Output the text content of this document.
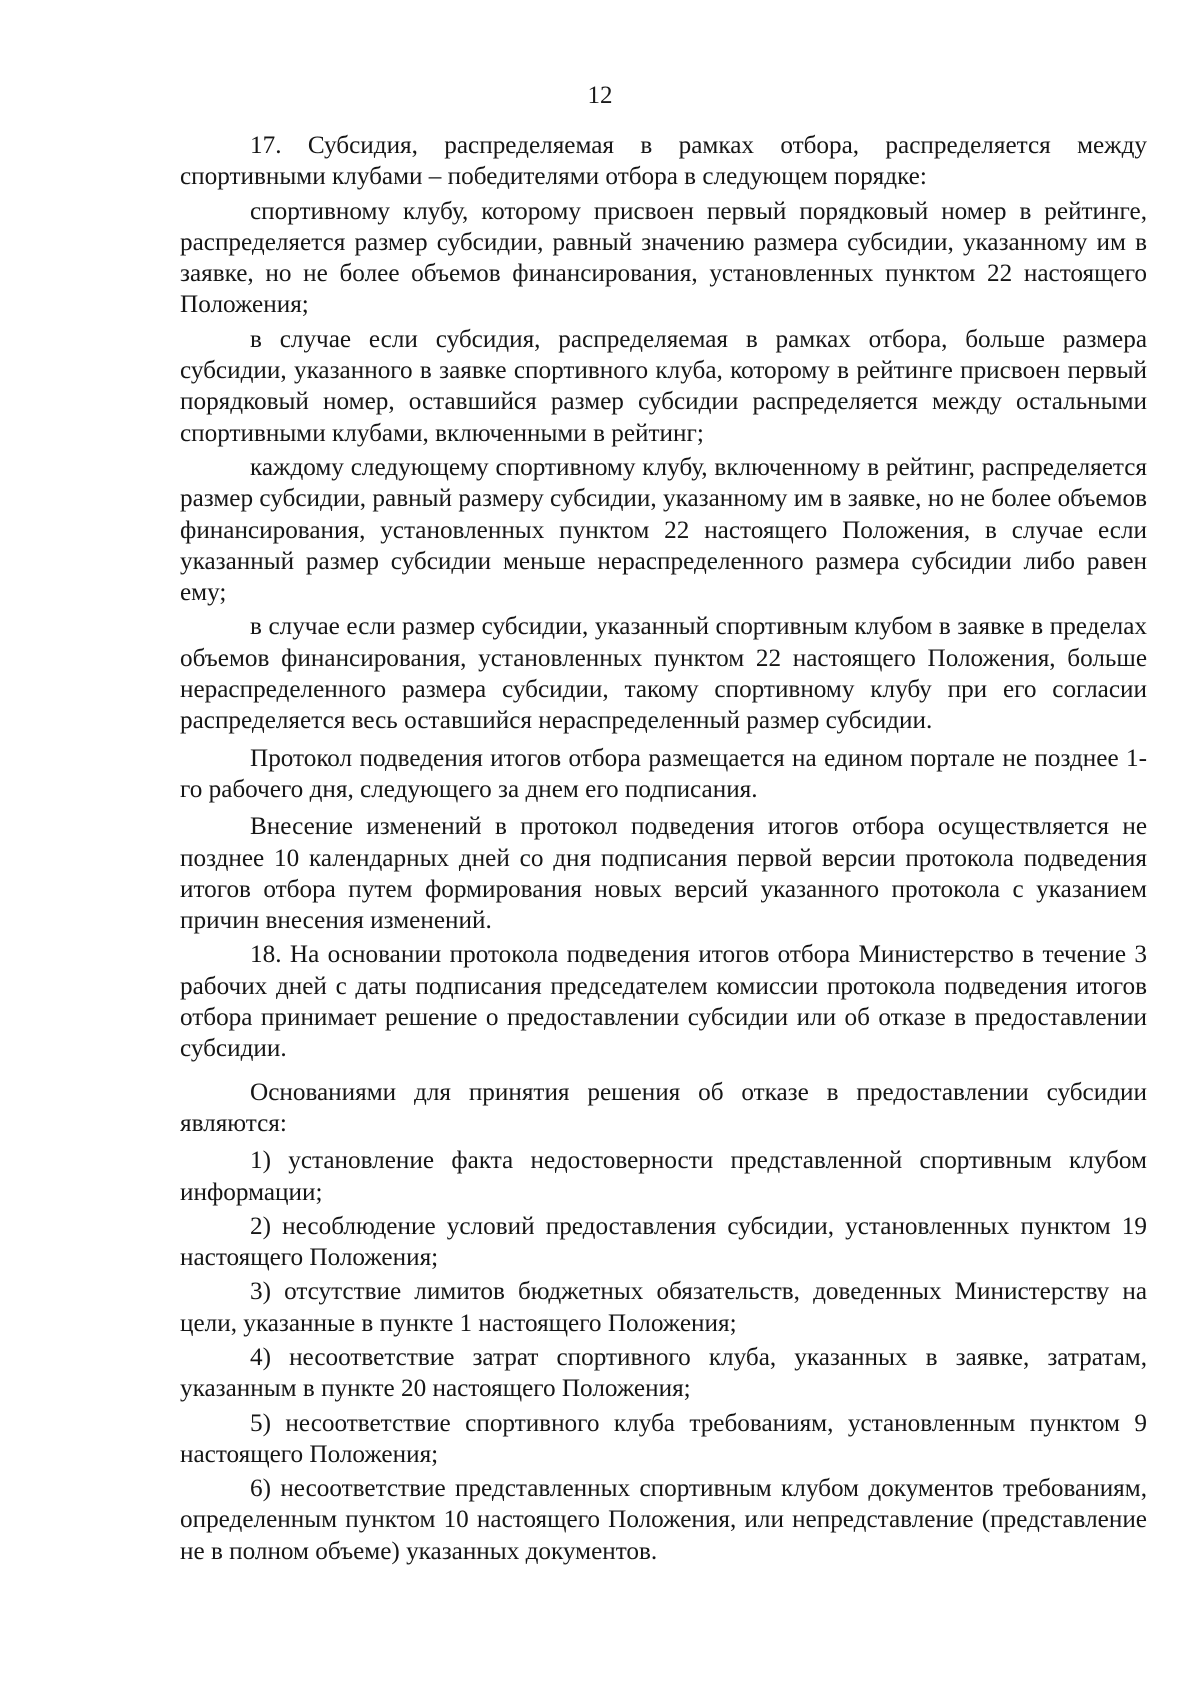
12

17. Субсидия, распределяемая в рамках отбора, распределяется между спортивными клубами – победителями отбора в следующем порядке:

спортивному клубу, которому присвоен первый порядковый номер в рейтинге, распределяется размер субсидии, равный значению размера субсидии, указанному им в заявке, но не более объемов финансирования, установленных пунктом 22 настоящего Положения;

в случае если субсидия, распределяемая в рамках отбора, больше размера субсидии, указанного в заявке спортивного клуба, которому в рейтинге присвоен первый порядковый номер, оставшийся размер субсидии распределяется между остальными спортивными клубами, включенными в рейтинг;

каждому следующему спортивному клубу, включенному в рейтинг, распределяется размер субсидии, равный размеру субсидии, указанному им в заявке, но не более объемов финансирования, установленных пунктом 22 настоящего Положения, в случае если указанный размер субсидии меньше нераспределенного размера субсидии либо равен ему;

в случае если размер субсидии, указанный спортивным клубом в заявке в пределах объемов финансирования, установленных пунктом 22 настоящего Положения, больше нераспределенного размера субсидии, такому спортивному клубу при его согласии распределяется весь оставшийся нераспределенный размер субсидии.

Протокол подведения итогов отбора размещается на едином портале не позднее 1-го рабочего дня, следующего за днем его подписания.

Внесение изменений в протокол подведения итогов отбора осуществляется не позднее 10 календарных дней со дня подписания первой версии протокола подведения итогов отбора путем формирования новых версий указанного протокола с указанием причин внесения изменений.

18. На основании протокола подведения итогов отбора Министерство в течение 3 рабочих дней с даты подписания председателем комиссии протокола подведения итогов отбора принимает решение о предоставлении субсидии или об отказе в предоставлении субсидии.

Основаниями для принятия решения об отказе в предоставлении субсидии являются:

1) установление факта недостоверности представленной спортивным клубом информации;

2) несоблюдение условий предоставления субсидии, установленных пунктом 19 настоящего Положения;

3) отсутствие лимитов бюджетных обязательств, доведенных Министерству на цели, указанные в пункте 1 настоящего Положения;

4) несоответствие затрат спортивного клуба, указанных в заявке, затратам, указанным в пункте 20 настоящего Положения;

5) несоответствие спортивного клуба требованиям, установленным пунктом 9 настоящего Положения;

6) несоответствие представленных спортивным клубом документов требованиям, определенным пунктом 10 настоящего Положения, или непредставление (представление не в полном объеме) указанных документов.
